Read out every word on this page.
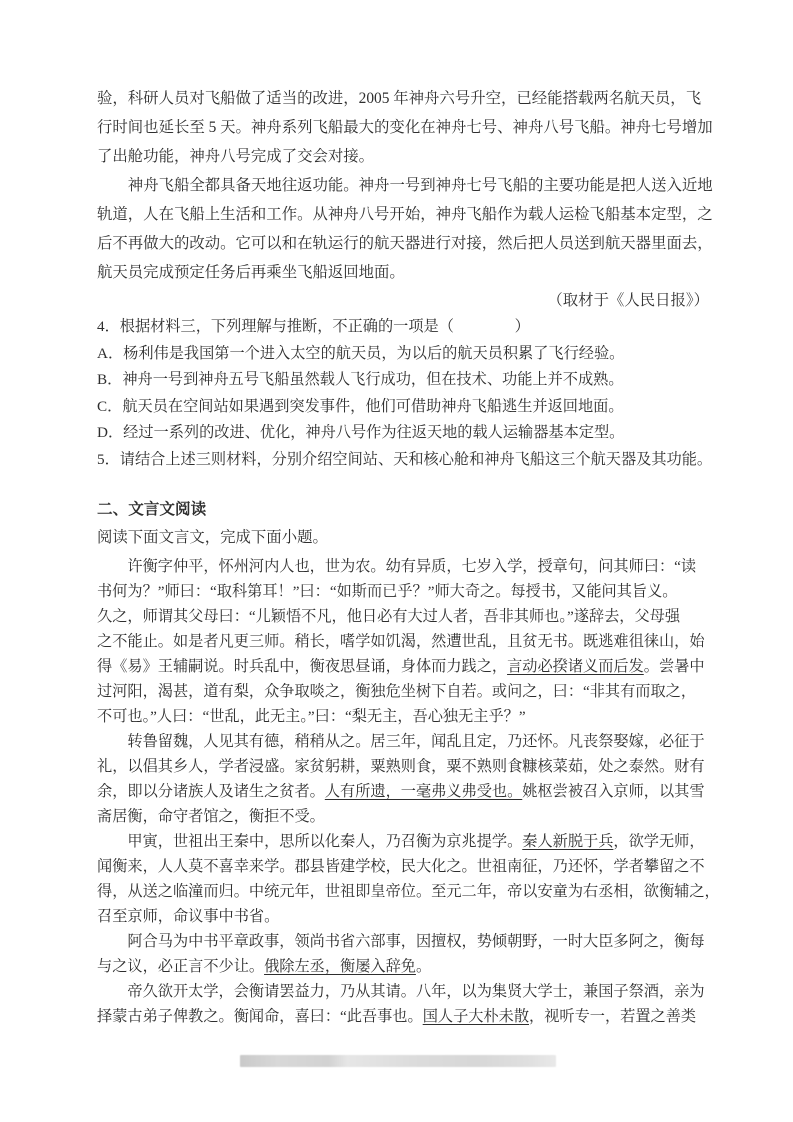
验，科研人员对飞船做了适当的改进，2005 年神舟六号升空，已经能搭载两名航天员，飞
行时间也延长至 5 天。神舟系列飞船最大的变化在神舟七号、神舟八号飞船。神舟七号增加
了出舱功能，神舟八号完成了交会对接。
神舟飞船全都具备天地往返功能。神舟一号到神舟七号飞船的主要功能是把人送入近地
轨道，人在飞船上生活和工作。从神舟八号开始，神舟飞船作为载人运检飞船基本定型，之
后不再做大的改动。它可以和在轨运行的航天器进行对接，然后把人员送到航天器里面去，
航天员完成预定任务后再乘坐飞船返回地面。
（取材于《人民日报》）
4．根据材料三，下列理解与推断，不正确的一项是（　　　　）
A．杨利伟是我国第一个进入太空的航天员，为以后的航天员积累了飞行经验。
B．神舟一号到神舟五号飞船虽然载人飞行成功，但在技术、功能上并不成熟。
C．航天员在空间站如果遇到突发事件，他们可借助神舟飞船逃生并返回地面。
D．经过一系列的改进、优化，神舟八号作为往返天地的载人运输器基本定型。
5．请结合上述三则材料，分别介绍空间站、天和核心舱和神舟飞船这三个航天器及其功能。
二、文言文阅读
阅读下面文言文，完成下面小题。
许衡字仲平，怀州河内人也，世为农。幼有异质，七岁入学，授章句，问其师曰：“读
书何为？”师曰：“取科第耳！”曰：“如斯而已乎？”师大奇之。每授书，又能问其旨义。
久之，师谓其父母曰：“儿颖悟不凡，他日必有大过人者，吾非其师也。”遂辞去，父母强
之不能止。如是者凡更三师。稍长，嗜学如饥渴，然遭世乱，且贫无书。既逃难徂徕山，始
得《易》王辅嗣说。时兵乱中，衡夜思昼诵，身体而力践之，言动必揆诸义而后发。尝暑中
过河阳，渴甚，道有梨，众争取啖之，衡独危坐树下自若。或问之，曰：“非其有而取之，
不可也。”人曰：“世乱，此无主。”曰：“梨无主，吾心独无主乎？”
转鲁留魏，人见其有德，稍稍从之。居三年，闻乱且定，乃还怀。凡丧祭娶嫁，必征于
礼，以倡其乡人，学者浸盛。家贫躬耕，粟熟则食，粟不熟则食糠核菜茹，处之泰然。财有
余，即以分诸族人及诸生之贫者。人有所遗，一毫弗义弗受也。姚枢尝被召入京师，以其雪
斋居衡，命守者馆之，衡拒不受。
甲寅，世祖出王秦中，思所以化秦人，乃召衡为京兆提学。秦人新脱于兵，欲学无师，
闻衡来，人人莫不喜幸来学。郡县皆建学校，民大化之。世祖南征，乃还怀，学者攀留之不
得，从送之临潼而归。中统元年，世祖即皇帝位。至元二年，帝以安童为右丞相，欲衡辅之，
召至京师，命议事中书省。
阿合马为中书平章政事，领尚书省六部事，因擅权，势倾朝野，一时大臣多阿之，衡每
与之议，必正言不少让。俄除左丞，衡屡入辞免。
帝久欲开太学，会衡请罢益力，乃从其请。八年，以为集贤大学士，兼国子祭酒，亲为
择蒙古弟子俾教之。衡闻命，喜曰：“此吾事也。国人子大朴未散，视听专一，若置之善类
